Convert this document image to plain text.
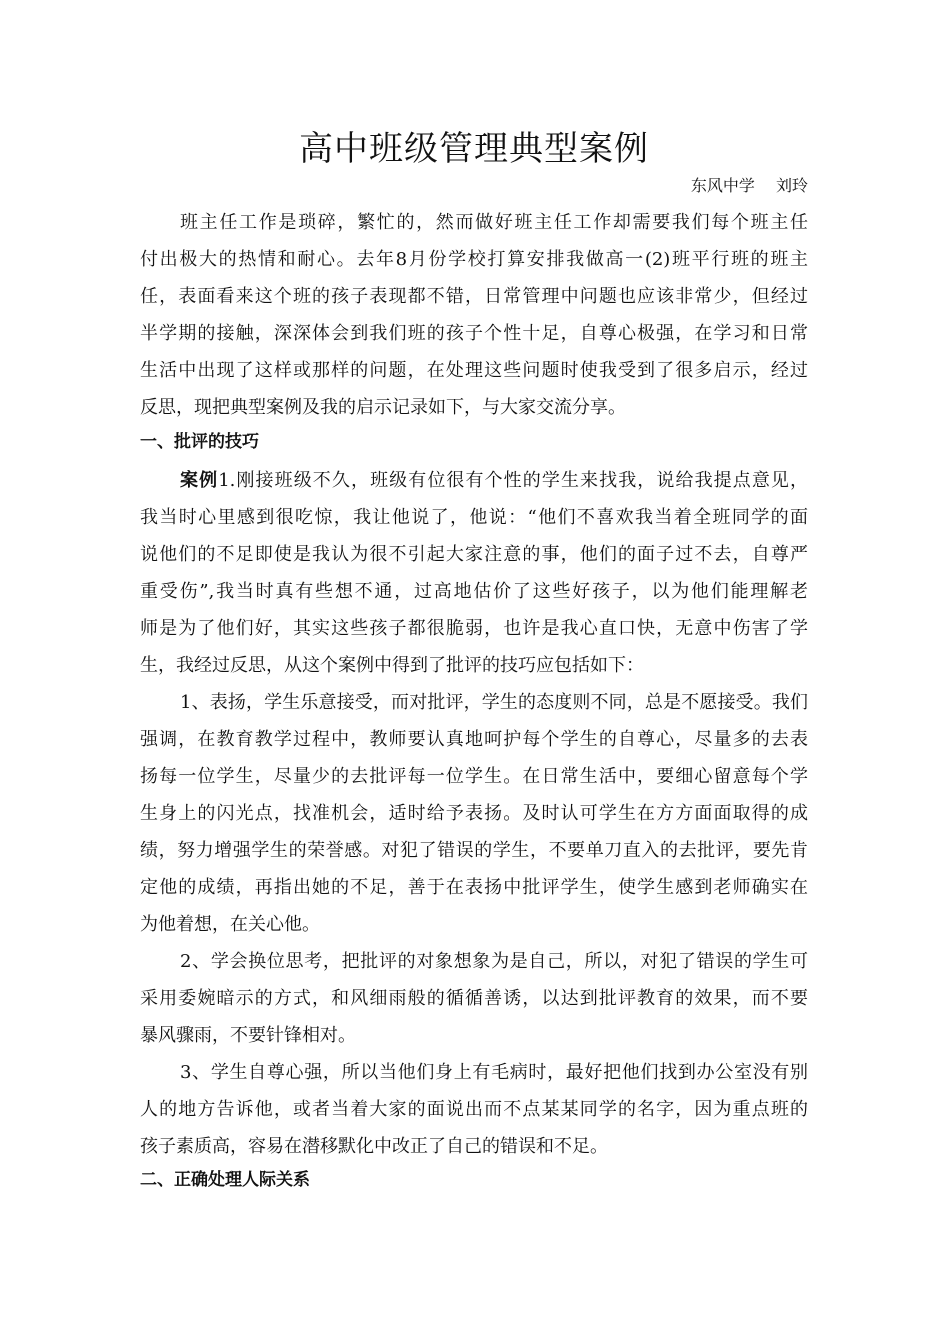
高中班级管理典型案例
东风中学　 刘玲

班主任工作是琐碎，繁忙的，然而做好班主任工作却需要我们每个班主任

付出极大的热情和耐心。去年8月份学校打算安排我做高一(2)班平行班的班主

任，表面看来这个班的孩子表现都不错，日常管理中问题也应该非常少，但经过

半学期的接触，深深体会到我们班的孩子个性十足，自尊心极强，在学习和日常

生活中出现了这样或那样的问题，在处理这些问题时使我受到了很多启示，经过

反思，现把典型案例及我的启示记录如下，与大家交流分享。

一、批评的技巧

案例1.刚接班级不久，班级有位很有个性的学生来找我，说给我提点意见，

我当时心里感到很吃惊，我让他说了，他说：“他们不喜欢我当着全班同学的面

说他们的不足即使是我认为很不引起大家注意的事，他们的面子过不去，自尊严

重受伤”,我当时真有些想不通，过高地估价了这些好孩子，以为他们能理解老

师是为了他们好，其实这些孩子都很脆弱，也许是我心直口快，无意中伤害了学

生，我经过反思，从这个案例中得到了批评的技巧应包括如下：

1、表扬，学生乐意接受，而对批评，学生的态度则不同，总是不愿接受。我们

强调，在教育教学过程中，教师要认真地呵护每个学生的自尊心，尽量多的去表

扬每一位学生，尽量少的去批评每一位学生。在日常生活中，要细心留意每个学

生身上的闪光点，找准机会，适时给予表扬。及时认可学生在方方面面取得的成

绩，努力增强学生的荣誉感。对犯了错误的学生，不要单刀直入的去批评，要先肯

定他的成绩，再指出她的不足，善于在表扬中批评学生，使学生感到老师确实在

为他着想，在关心他。

2、学会换位思考，把批评的对象想象为是自己，所以，对犯了错误的学生可

采用委婉暗示的方式，和风细雨般的循循善诱，以达到批评教育的效果，而不要

暴风骤雨，不要针锋相对。

3、学生自尊心强，所以当他们身上有毛病时，最好把他们找到办公室没有别

人的地方告诉他，或者当着大家的面说出而不点某某同学的名字，因为重点班的

孩子素质高，容易在潜移默化中改正了自己的错误和不足。

二、正确处理人际关系
